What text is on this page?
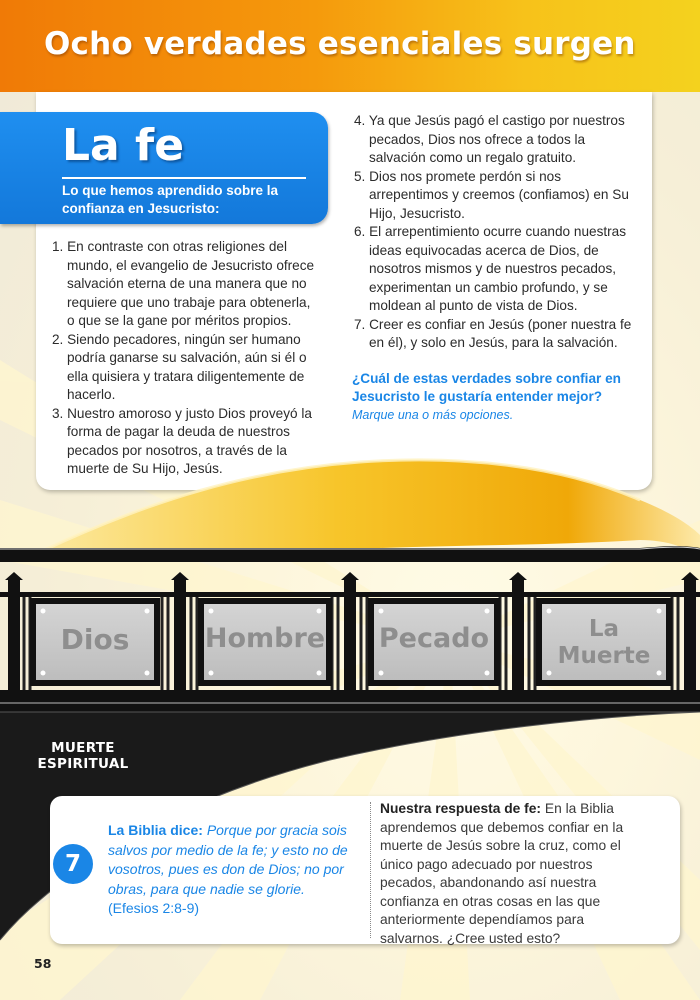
Ocho verdades esenciales surgen
La fe
Lo que hemos aprendido sobre la confianza en Jesucristo:
1. En contraste con otras religiones del mundo, el evangelio de Jesucristo ofrece salvación eterna de una manera que no requiere que uno trabaje para obtenerla, o que se la gane por méritos propios.
2. Siendo pecadores, ningún ser humano podría ganarse su salvación, aún si él o ella quisiera y tratara diligentemente de hacerlo.
3. Nuestro amoroso y justo Dios proveyó la forma de pagar la deuda de nuestros pecados por nosotros, a través de la muerte de Su Hijo, Jesús.
4. Ya que Jesús pagó el castigo por nuestros pecados, Dios nos ofrece a todos la salvación como un regalo gratuito.
5. Dios nos promete perdón si nos arrepentimos y creemos (confiamos) en Su Hijo, Jesucristo.
6. El arrepentimiento ocurre cuando nuestras ideas equivocadas acerca de Dios, de nosotros mismos y de nuestros pecados, experimentan un cambio profundo, y se moldean al punto de vista de Dios.
7. Creer es confiar en Jesús (poner nuestra fe en él), y solo en Jesús, para la salvación.
¿Cuál de estas verdades sobre confiar en Jesucristo le gustaría entender mejor?
Marque una o más opciones.
Dios	Hombre Pecado	La
Muerte
MUERTE
ESPIRITUAL
7
La Biblia dice: Porque por gracia sois salvos por medio de la fe; y esto no de vosotros, pues es don de Dios; no por obras, para que nadie se glorie. (Efesios 2:8-9)
Nuestra respuesta de fe: En la Biblia aprendemos que debemos confiar en la muerte de Jesús sobre la cruz, como el único pago adecuado por nuestros pecados, abandonando así nuestra confianza en otras cosas en las que anteriormente dependíamos para salvarnos. ¿Cree usted esto?
58
